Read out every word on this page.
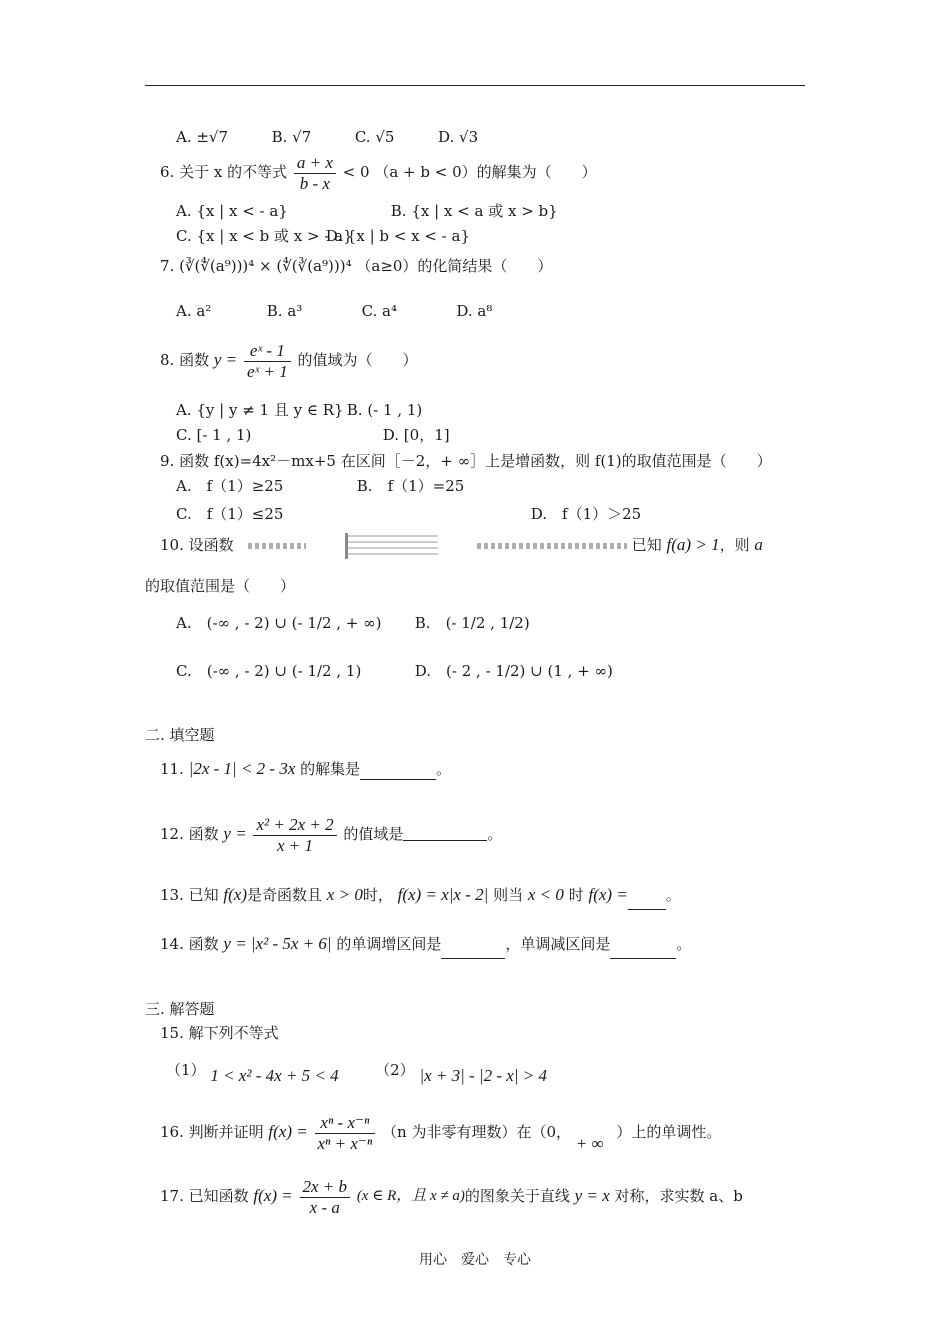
A. ±√7	B. √7	C. √5	D. √3
6. 关于 x 的不等式 $\frac{a + x}{b - x} < 0$ （a + b < 0）的解集为（　　）
A. {x | x < - a}	B. {x | x < a 或 x > b}
C. {x | x < b 或 x > - a} D. {x | b < x < - a}
7. (∛(∜(a⁹)))⁴ × (∜(∛(a⁹)))⁴ （a≥0）的化简结果（　　）
A. a²	B. a³	C. a⁴	D. a⁸
8. 函数 $y = \frac{\text{eˣ - 1}}{\text{eˣ + 1}}$ 的值域为（　　）
A. {y | y ≠ 1 且 y ∈ R} B. (- 1 , 1)
C. [- 1 , 1)	D. [0，1]
9. 函数 f(x)=4x²－mx+5 在区间［－2，+ ∞］上是增函数，则 f(1)的取值范围是（　　）
A.　f（1）≥25	B.　f（1）=25
C.　f（1）≤25	D.　f（1）＞25
10. 设函数	已知 f(a) > 1，则 a
的取值范围是（　　）
A.　(-∞ , - 2) ∪ (- 1/2 , + ∞) B.　(- 1/2 , 1/2)
C.　(-∞ , - 2) ∪ (- 1/2 , 1)	D.　(- 2 , - 1/2) ∪ (1 , + ∞)
二. 填空题
11. |2x - 1| < 2 - 3x 的解集是	。
12. 函数 $y = \frac{\text{x² + 2x + 2}}{x + 1}$ 的值域是	。
13. 已知 f(x)是奇函数且 x > 0时， f(x) = x|x - 2| 则当 x < 0 时 f(x) =	。
14. 函数 y = |x² - 5x + 6| 的单调增区间是	，单调减区间是	。
三. 解答题
15. 解下列不等式
（1） 1 < x² - 4x + 5 < 4 （2） |x + 3| - |2 - x| > 4
16. 判断并证明 $f(x) = \frac{\text{xⁿ - x⁻ⁿ}}{\text{xⁿ + x⁻ⁿ}} (n$ 为非零有理数）在（0， + ∞ ）上的单调性。
17. 已知函数 $f(x) = \frac{2x + b}{x - a} (x$ ∈ R，且 x ≠ a)的图象关于直线 y = x 对称，求实数 a、b
用心　爱心　专心
